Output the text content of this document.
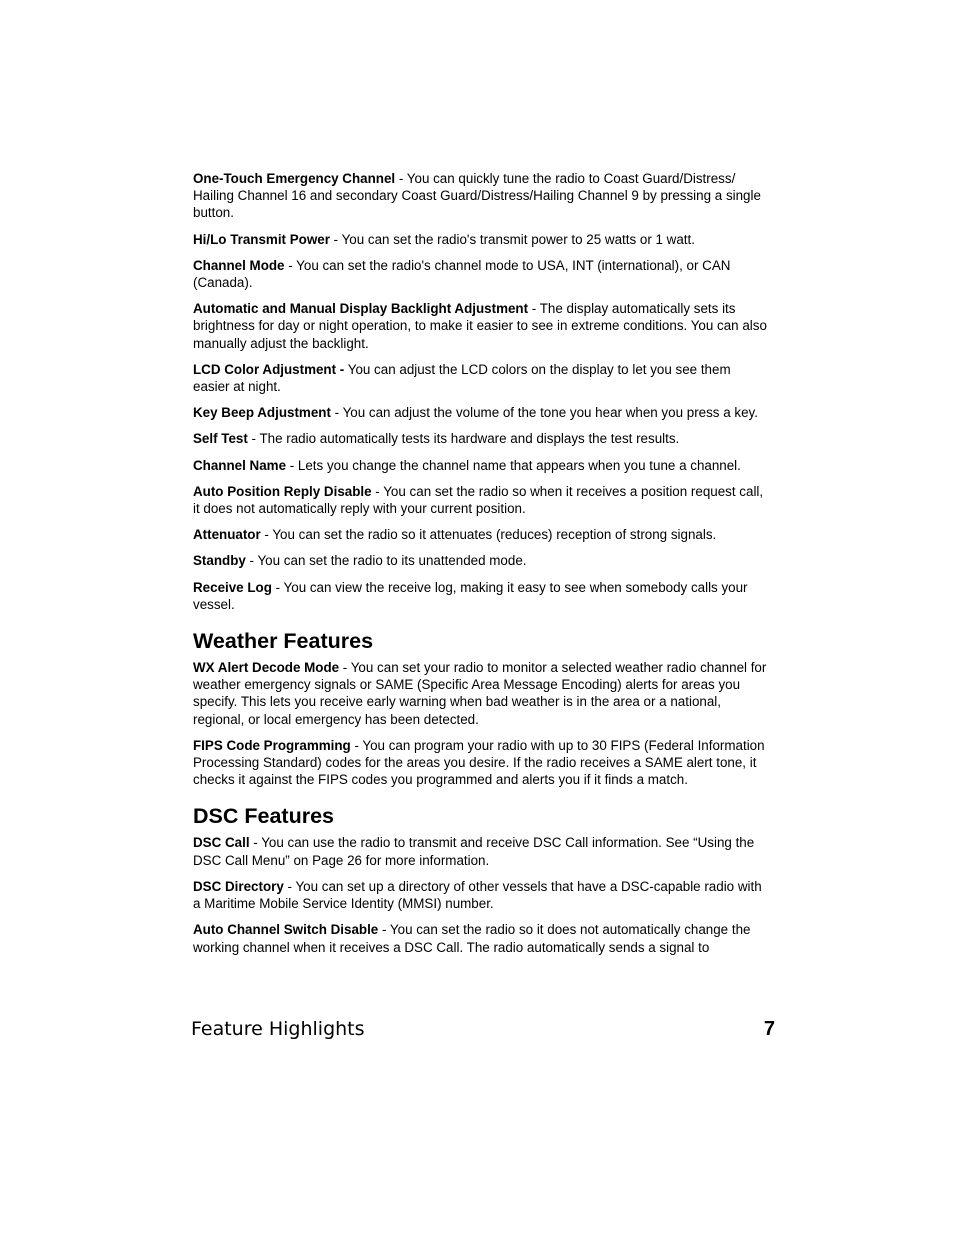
One-Touch Emergency Channel - You can quickly tune the radio to Coast Guard/Distress/ Hailing Channel 16 and secondary Coast Guard/Distress/Hailing Channel 9 by pressing a single button.

Hi/Lo Transmit Power - You can set the radio's transmit power to 25 watts or 1 watt.

Channel Mode - You can set the radio's channel mode to USA, INT (international), or CAN (Canada).

Automatic and Manual Display Backlight Adjustment - The display automatically sets its brightness for day or night operation, to make it easier to see in extreme conditions. You can also manually adjust the backlight.

LCD Color Adjustment - You can adjust the LCD colors on the display to let you see them easier at night.

Key Beep Adjustment - You can adjust the volume of the tone you hear when you press a key.

Self Test - The radio automatically tests its hardware and displays the test results.

Channel Name - Lets you change the channel name that appears when you tune a channel.

Auto Position Reply Disable - You can set the radio so when it receives a position request call, it does not automatically reply with your current position.

Attenuator - You can set the radio so it attenuates (reduces) reception of strong signals.

Standby - You can set the radio to its unattended mode.

Receive Log - You can view the receive log, making it easy to see when somebody calls your vessel.

Weather Features

WX Alert Decode Mode - You can set your radio to monitor a selected weather radio channel for weather emergency signals or SAME (Specific Area Message Encoding) alerts for areas you specify. This lets you receive early warning when bad weather is in the area or a national, regional, or local emergency has been detected.

FIPS Code Programming - You can program your radio with up to 30 FIPS (Federal Information Processing Standard) codes for the areas you desire. If the radio receives a SAME alert tone, it checks it against the FIPS codes you programmed and alerts you if it finds a match.

DSC Features

DSC Call - You can use the radio to transmit and receive DSC Call information. See “Using the DSC Call Menu” on Page 26 for more information.

DSC Directory - You can set up a directory of other vessels that have a DSC-capable radio with a Maritime Mobile Service Identity (MMSI) number.

Auto Channel Switch Disable - You can set the radio so it does not automatically change the working channel when it receives a DSC Call. The radio automatically sends a signal to

Feature Highlights	7
